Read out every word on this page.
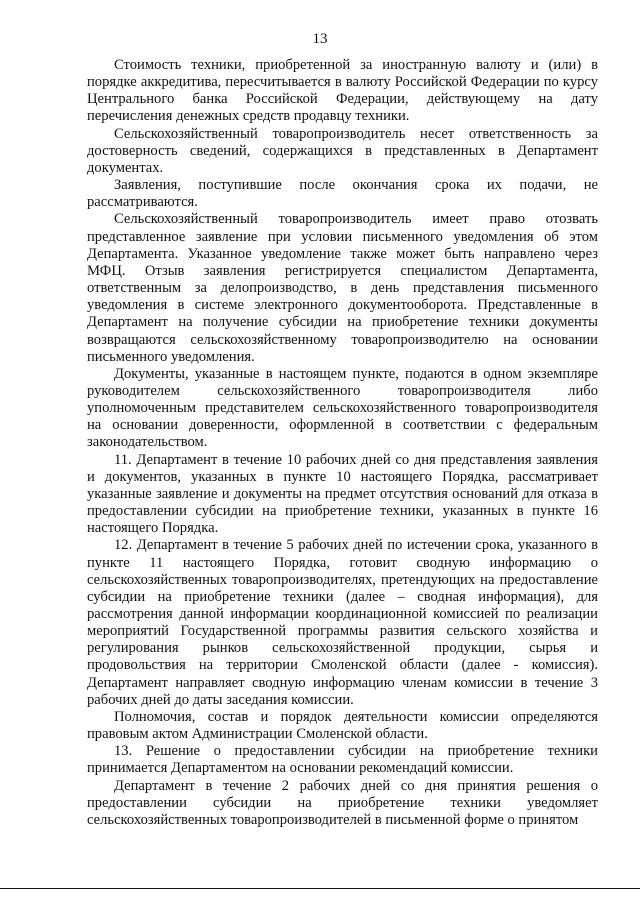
13

Стоимость техники, приобретенной за иностранную валюту и (или) в порядке аккредитива, пересчитывается в валюту Российской Федерации по курсу Центрального банка Российской Федерации, действующему на дату перечисления денежных средств продавцу техники.

Сельскохозяйственный товаропроизводитель несет ответственность за достоверность сведений, содержащихся в представленных в Департамент документах.

Заявления, поступившие после окончания срока их подачи, не рассматриваются.

Сельскохозяйственный товаропроизводитель имеет право отозвать представленное заявление при условии письменного уведомления об этом Департамента. Указанное уведомление также может быть направлено через МФЦ. Отзыв заявления регистрируется специалистом Департамента, ответственным за делопроизводство, в день представления письменного уведомления в системе электронного документооборота. Представленные в Департамент на получение субсидии на приобретение техники документы возвращаются сельскохозяйственному товаропроизводителю на основании письменного уведомления.

Документы, указанные в настоящем пункте, подаются в одном экземпляре руководителем сельскохозяйственного товаропроизводителя либо уполномоченным представителем сельскохозяйственного товаропроизводителя на основании доверенности, оформленной в соответствии с федеральным законодательством.

11. Департамент в течение 10 рабочих дней со дня представления заявления и документов, указанных в пункте 10 настоящего Порядка, рассматривает указанные заявление и документы на предмет отсутствия оснований для отказа в предоставлении субсидии на приобретение техники, указанных в пункте 16 настоящего Порядка.

12. Департамент в течение 5 рабочих дней по истечении срока, указанного в пункте 11 настоящего Порядка, готовит сводную информацию о сельскохозяйственных товаропроизводителях, претендующих на предоставление субсидии на приобретение техники (далее – сводная информация), для рассмотрения данной информации координационной комиссией по реализации мероприятий Государственной программы развития сельского хозяйства и регулирования рынков сельскохозяйственной продукции, сырья и продовольствия на территории Смоленской области (далее - комиссия). Департамент направляет сводную информацию членам комиссии в течение 3 рабочих дней до даты заседания комиссии.

Полномочия, состав и порядок деятельности комиссии определяются правовым актом Администрации Смоленской области.

13. Решение о предоставлении субсидии на приобретение техники принимается Департаментом на основании рекомендаций комиссии.

Департамент в течение 2 рабочих дней со дня принятия решения о предоставлении субсидии на приобретение техники уведомляет сельскохозяйственных товаропроизводителей в письменной форме о принятом
